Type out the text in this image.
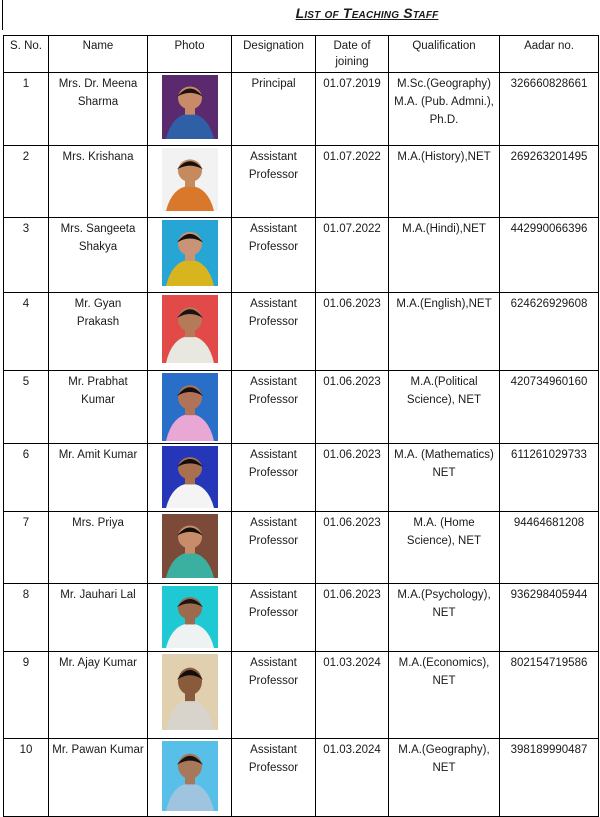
List of Teaching Staff
S. No.	Name	Photo	Designation	Date of joining	Qualification	Aadar no.
1	Mrs. Dr. Meena Sharma		Principal	01.07.2019	M.Sc.(Geography) M.A. (Pub. Admni.), Ph.D.	326660828661
2	Mrs. Krishana		Assistant Professor	01.07.2022	M.A.(History),NET	269263201495
3	Mrs. Sangeeta Shakya		Assistant Professor	01.07.2022	M.A.(Hindi),NET	442990066396
4	Mr. Gyan Prakash		Assistant Professor	01.06.2023	M.A.(English),NET	624626929608
5	Mr. Prabhat Kumar		Assistant Professor	01.06.2023	M.A.(Political Science), NET	420734960160
6	Mr. Amit Kumar		Assistant Professor	01.06.2023	M.A. (Mathematics) NET	611261029733
7	Mrs. Priya		Assistant Professor	01.06.2023	M.A. (Home Science), NET	94464681208
8	Mr. Jauhari Lal		Assistant Professor	01.06.2023	M.A.(Psychology), NET	936298405944
9	Mr. Ajay Kumar		Assistant Professor	01.03.2024	M.A.(Economics), NET	802154719586
10	Mr. Pawan Kumar		Assistant Professor	01.03.2024	M.A.(Geography), NET	398189990487
